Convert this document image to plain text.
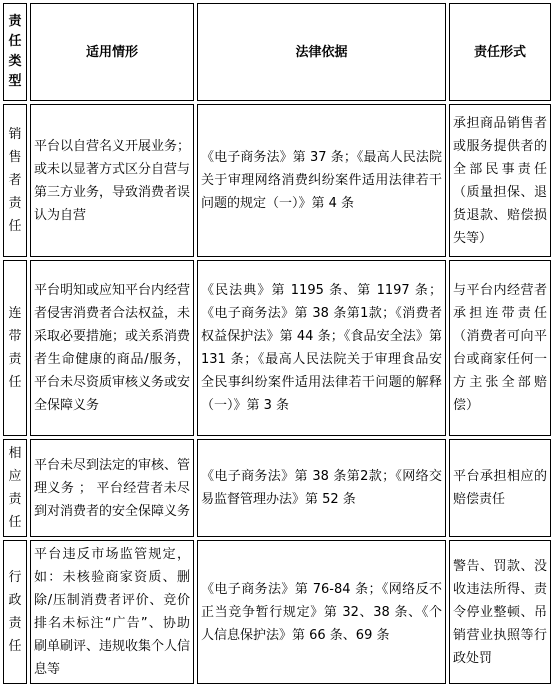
责任类型	适用情形	法律依据	责任形式
销售者责任	平台以自营名义开展业务；或未以显著方式区分自营与第三方业务，导致消费者误认为自营	《电子商务法》第 37 条；《最高人民法院关于审理网络消费纠纷案件适用法律若干问题的规定（一）》第 4 条	承担商品销售者或服务提供者的全部民事责任（质量担保、退货退款、赔偿损失等）
连带责任	平台明知或应知平台内经营者侵害消费者合法权益，未采取必要措施；或关系消费者生命健康的商品/服务，平台未尽资质审核义务或安全保障义务	《民法典》第 1195 条、第 1197 条；《电子商务法》第 38 条第1款；《消费者权益保护法》第 44 条；《食品安全法》第 131 条；《最高人民法院关于审理食品安全民事纠纷案件适用法律若干问题的解释（一）》第 3 条	与平台内经营者承担连带责任（消费者可向平台或商家任何一方主张全部赔偿）
相应责任	平台未尽到法定的审核、管理义务 ； 平台经营者未尽到对消费者的安全保障义务	《电子商务法》第 38 条第2款；《网络交易监督管理办法》第 52 条	平台承担相应的赔偿责任
行政责任	平台违反市场监管规定，如：未核验商家资质、删除/压制消费者评价、竞价排名未标注“广告”、协助刷单刷评、违规收集个人信息等	《电子商务法》第 76-84 条；《网络反不正当竞争暂行规定》第 32、38 条、《个人信息保护法》第 66 条、69 条	警告、罚款、没收违法所得、责令停业整顿、吊销营业执照等行政处罚
